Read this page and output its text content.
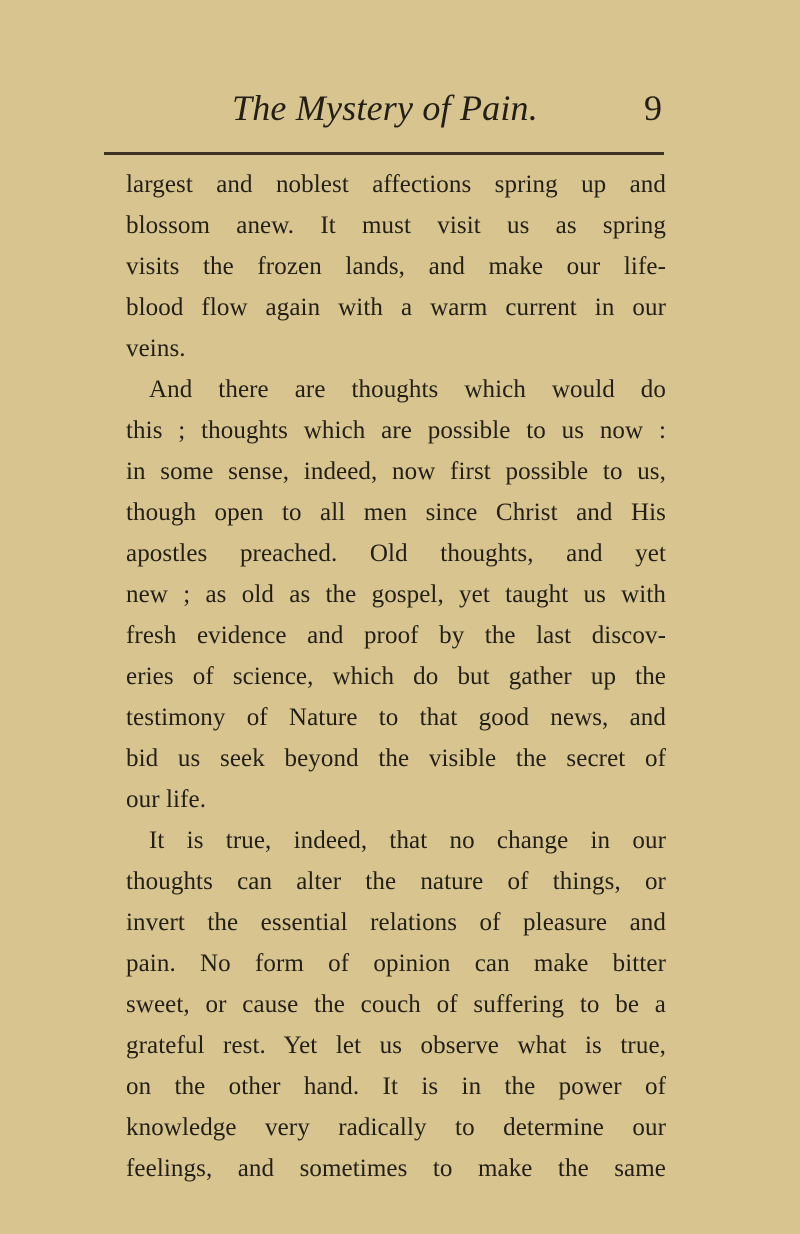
The Mystery of Pain.	9
largest and noblest affections spring up and
blossom anew. It must visit us as spring
visits the frozen lands, and make our life-
blood flow again with a warm current in our
veins.
And there are thoughts which would do
this ; thoughts which are possible to us now :
in some sense, indeed, now first possible to us,
though open to all men since Christ and His
apostles preached. Old thoughts, and yet
new ; as old as the gospel, yet taught us with
fresh evidence and proof by the last discov-
eries of science, which do but gather up the
testimony of Nature to that good news, and
bid us seek beyond the visible the secret of
our life.
It is true, indeed, that no change in our
thoughts can alter the nature of things, or
invert the essential relations of pleasure and
pain. No form of opinion can make bitter
sweet, or cause the couch of suffering to be a
grateful rest. Yet let us observe what is true,
on the other hand. It is in the power of
knowledge very radically to determine our
feelings, and sometimes to make the same
